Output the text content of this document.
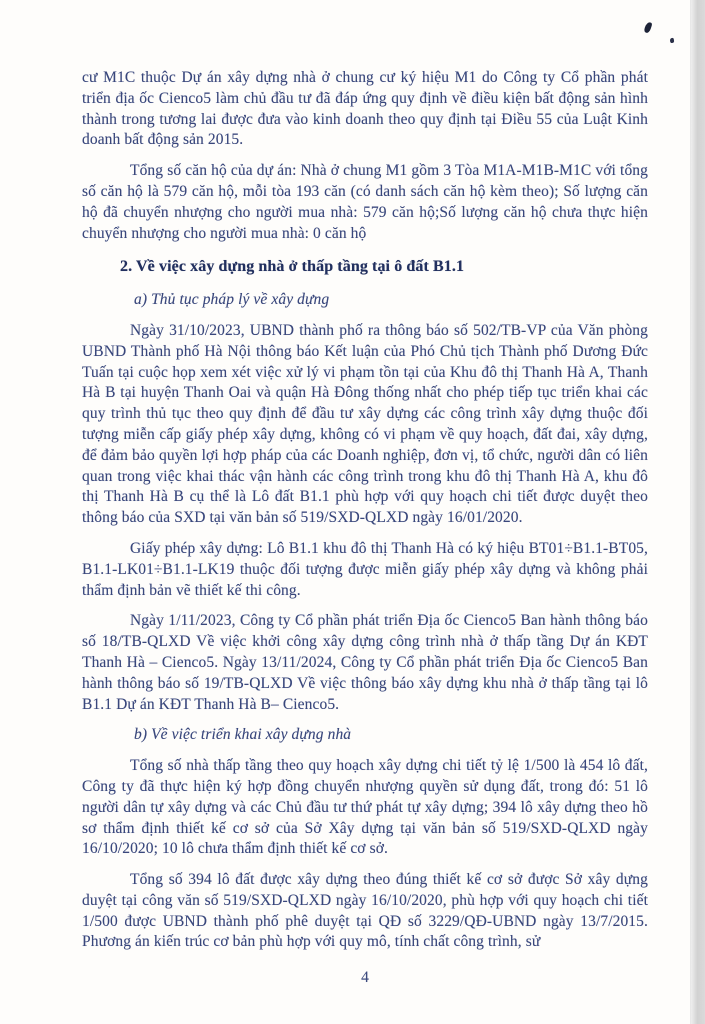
cư M1C thuộc Dự án xây dựng nhà ở chung cư ký hiệu M1 do Công ty Cổ phần phát triển địa ốc Cienco5 làm chủ đầu tư đã đáp ứng quy định về điều kiện bất động sản hình thành trong tương lai được đưa vào kinh doanh theo quy định tại Điều 55 của Luật Kinh doanh bất động sản 2015.

Tổng số căn hộ của dự án: Nhà ở chung M1 gồm 3 Tòa M1A-M1B-M1C với tổng số căn hộ là 579 căn hộ, mỗi tòa 193 căn (có danh sách căn hộ kèm theo); Số lượng căn hộ đã chuyển nhượng cho người mua nhà: 579 căn hộ;Số lượng căn hộ chưa thực hiện chuyển nhượng cho người mua nhà: 0 căn hộ

2. Về việc xây dựng nhà ở thấp tầng tại ô đất B1.1

a) Thủ tục pháp lý về xây dựng

Ngày 31/10/2023, UBND thành phố ra thông báo số 502/TB-VP của Văn phòng UBND Thành phố Hà Nội thông báo Kết luận của Phó Chủ tịch Thành phố Dương Đức Tuấn tại cuộc họp xem xét việc xử lý vi phạm tồn tại của Khu đô thị Thanh Hà A, Thanh Hà B tại huyện Thanh Oai và quận Hà Đông thống nhất cho phép tiếp tục triển khai các quy trình thủ tục theo quy định để đầu tư xây dựng các công trình xây dựng thuộc đối tượng miễn cấp giấy phép xây dựng, không có vi phạm về quy hoạch, đất đai, xây dựng, để đảm bảo quyền lợi hợp pháp của các Doanh nghiệp, đơn vị, tổ chức, người dân có liên quan trong việc khai thác vận hành các công trình trong khu đô thị Thanh Hà A, khu đô thị Thanh Hà B cụ thể là Lô đất B1.1 phù hợp với quy hoạch chi tiết được duyệt theo thông báo của SXD tại văn bản số 519/SXD-QLXD ngày 16/01/2020.

Giấy phép xây dựng: Lô B1.1 khu đô thị Thanh Hà có ký hiệu BT01÷B1.1-BT05, B1.1-LK01÷B1.1-LK19 thuộc đối tượng được miễn giấy phép xây dựng và không phải thẩm định bản vẽ thiết kế thi công.

Ngày 1/11/2023, Công ty Cổ phần phát triển Địa ốc Cienco5 Ban hành thông báo số 18/TB-QLXD Về việc khởi công xây dựng công trình nhà ở thấp tầng Dự án KĐT Thanh Hà – Cienco5. Ngày 13/11/2024, Công ty Cổ phần phát triển Địa ốc Cienco5 Ban hành thông báo số 19/TB-QLXD Về việc thông báo xây dựng khu nhà ở thấp tầng tại lô B1.1 Dự án KĐT Thanh Hà B– Cienco5.

b) Về việc triển khai xây dựng nhà

Tổng số nhà thấp tầng theo quy hoạch xây dựng chi tiết tỷ lệ 1/500 là 454 lô đất, Công ty đã thực hiện ký hợp đồng chuyển nhượng quyền sử dụng đất, trong đó: 51 lô người dân tự xây dựng và các Chủ đầu tư thứ phát tự xây dựng; 394 lô xây dựng theo hồ sơ thẩm định thiết kế cơ sở của Sở Xây dựng tại văn bản số 519/SXD-QLXD ngày 16/10/2020; 10 lô chưa thẩm định thiết kế cơ sở.

Tổng số 394 lô đất được xây dựng theo đúng thiết kế cơ sở được Sở xây dựng duyệt tại công văn số 519/SXD-QLXD ngày 16/10/2020, phù hợp với quy hoạch chi tiết 1/500 được UBND thành phố phê duyệt tại QĐ số 3229/QĐ-UBND ngày 13/7/2015. Phương án kiến trúc cơ bản phù hợp với quy mô, tính chất công trình, sử

4
